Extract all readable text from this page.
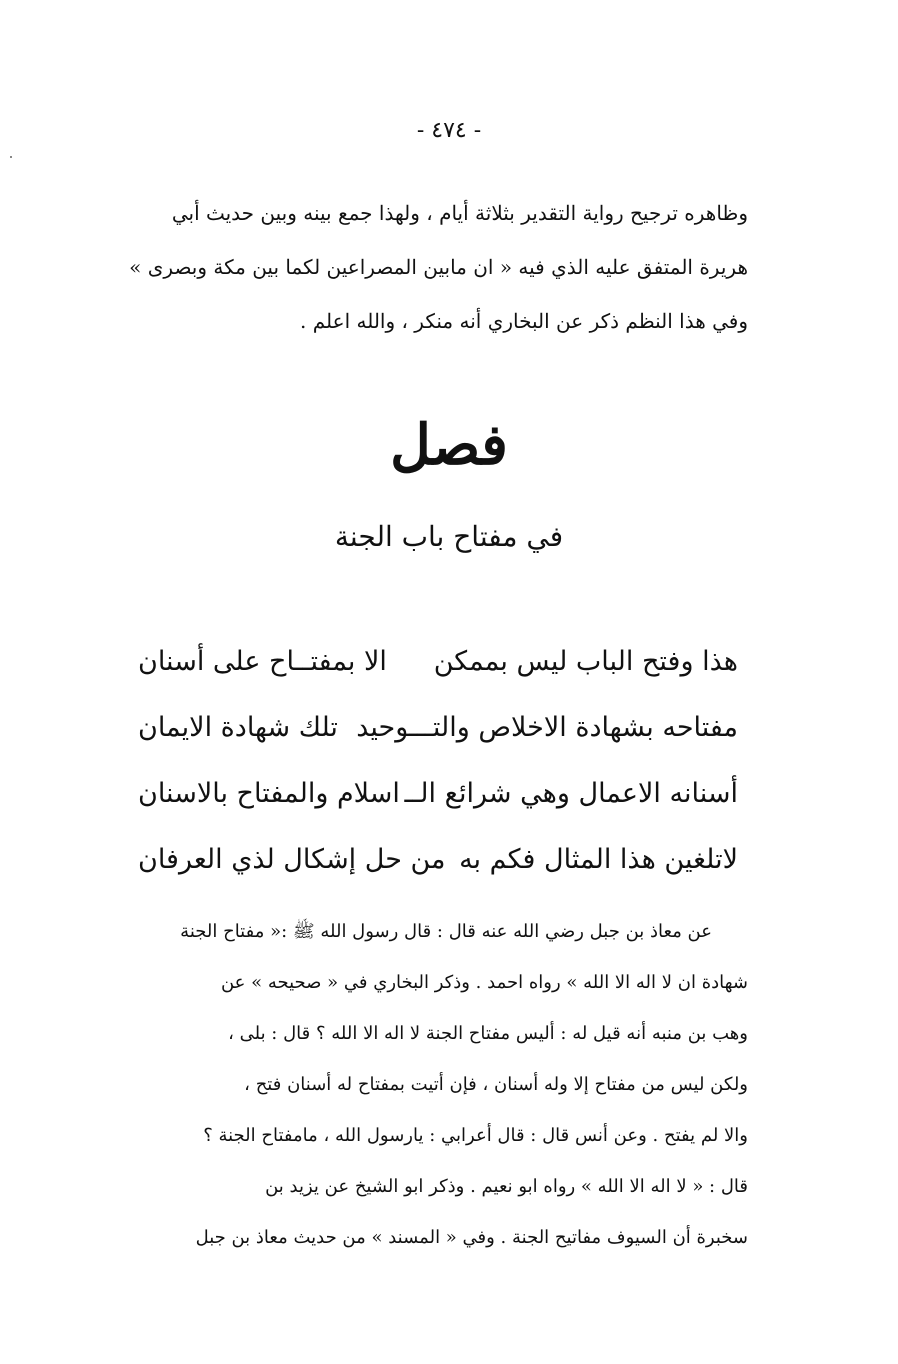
- ٤٧٤ -
وظاهره ترجيح رواية التقدير بثلاثة أيام ، ولهذا جمع بينه وبين حديث أبي
هريرة المتفق عليه الذي فيه « ان مابين المصراعين لكما بين مكة وبصرى »
وفي هذا النظم ذكر عن البخاري أنه منكر ، والله اعلم .
فصل
في مفتاح باب الجنة
هذا وفتح الباب ليس بممكن
الا بمفتــاح على أسنان
مفتاحه بشهادة الاخلاص والتـــوحيد
تلك شهادة الايمان
أسنانه الاعمال وهي شرائع الــ
اسلام والمفتاح بالاسنان
لاتلغين هذا المثال فكم به
من حل إشكال لذي العرفان
عن معاذ بن جبل رضي الله عنه قال : قال رسول الله ﷺ :« مفتاح الجنة
شهادة ان لا اله الا الله » رواه احمد . وذكر البخاري في « صحيحه » عن
وهب بن منبه أنه قيل له : أليس مفتاح الجنة لا اله الا الله ؟ قال : بلى ،
ولكن ليس من مفتاح إلا وله أسنان ، فإن أتيت بمفتاح له أسنان فتح ،
والا لم يفتح . وعن أنس قال : قال أعرابي : يارسول الله ، مامفتاح الجنة ؟
قال : « لا اله الا الله » رواه ابو نعيم . وذكر ابو الشيخ عن يزيد بن
سخبرة أن السيوف مفاتيح الجنة . وفي « المسند » من حديث معاذ بن جبل
